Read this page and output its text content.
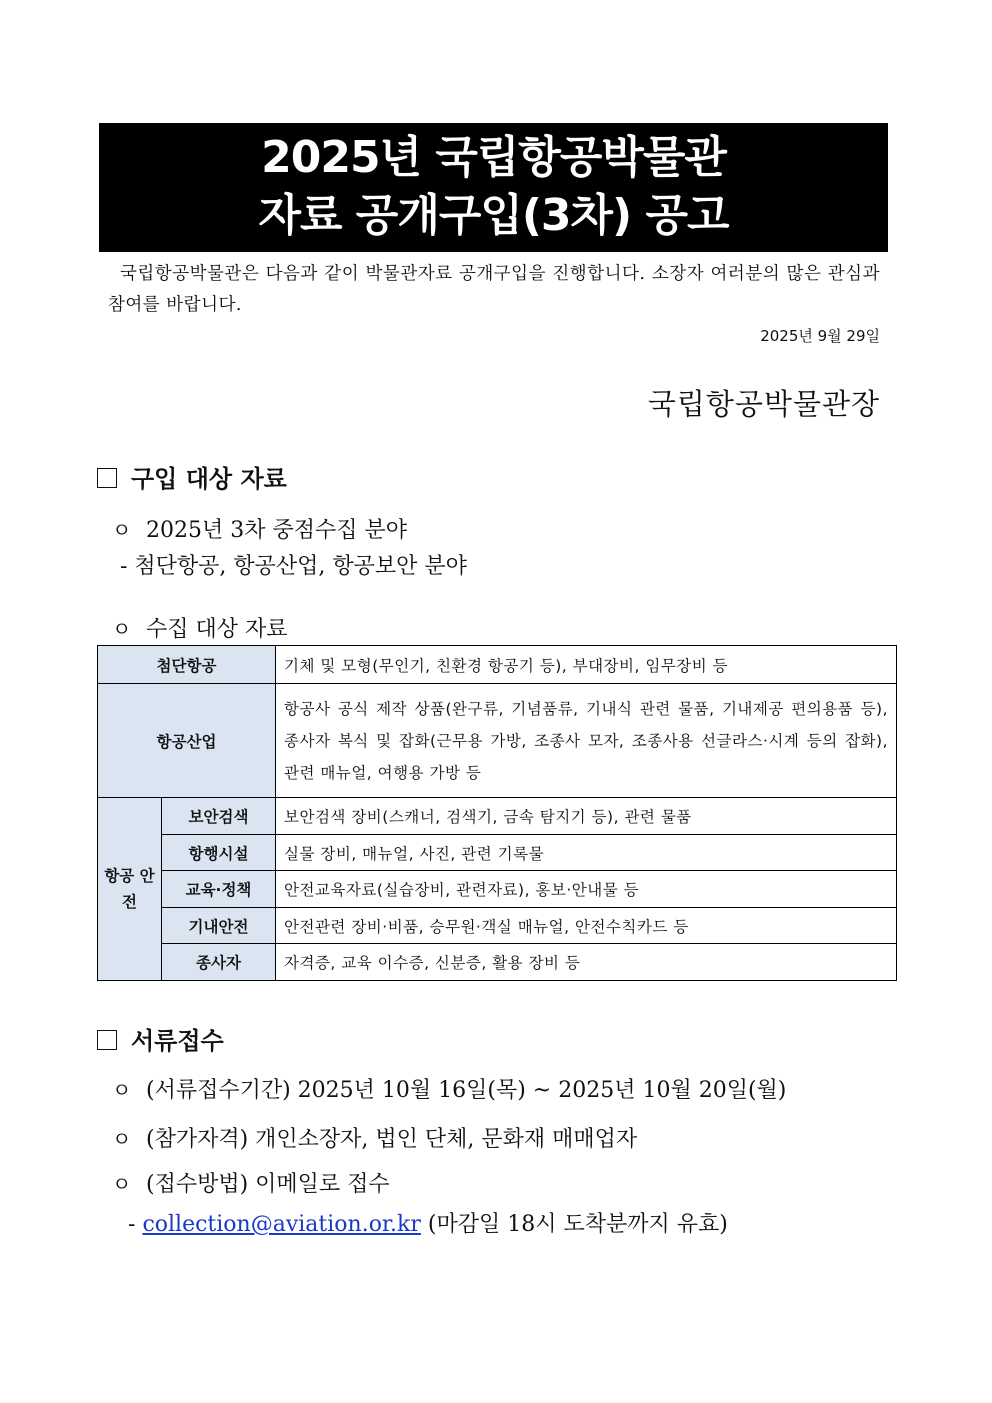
2025년 국립항공박물관
자료 공개구입(3차) 공고
국립항공박물관은 다음과 같이 박물관자료 공개구입을 진행합니다. 소장자 여러분의 많은 관심과 참여를 바랍니다.
2025년 9월 29일
국립항공박물관장
구입 대상 자료
ㅇ 2025년 3차 중점수집 분야
- 첨단항공, 항공산업, 항공보안 분야
ㅇ 수집 대상 자료
첨단항공		기체 및 모형(무인기, 친환경 항공기 등), 부대장비, 임무장비 등
항공산업		항공사 공식 제작 상품(완구류, 기념품류, 기내식 관련 물품, 기내제공 편의용품 등), 종사자 복식 및 잡화(근무용 가방, 조종사 모자, 조종사용 선글라스·시계 등의 잡화), 관련 매뉴얼, 여행용 가방 등
항공 안전	보안검색	보안검색 장비(스캐너, 검색기, 금속 탐지기 등), 관련 물품
	항행시설	실물 장비, 매뉴얼, 사진, 관련 기록물
	교육·정책	안전교육자료(실습장비, 관련자료), 홍보·안내물 등
	기내안전	안전관련 장비·비품, 승무원·객실 매뉴얼, 안전수칙카드 등
	종사자	자격증, 교육 이수증, 신분증, 활용 장비 등
서류접수
ㅇ (서류접수기간) 2025년 10월 16일(목) ~ 2025년 10월 20일(월)
ㅇ (참가자격) 개인소장자, 법인 단체, 문화재 매매업자
ㅇ (접수방법) 이메일로 접수
- collection@aviation.or.kr (마감일 18시 도착분까지 유효)
